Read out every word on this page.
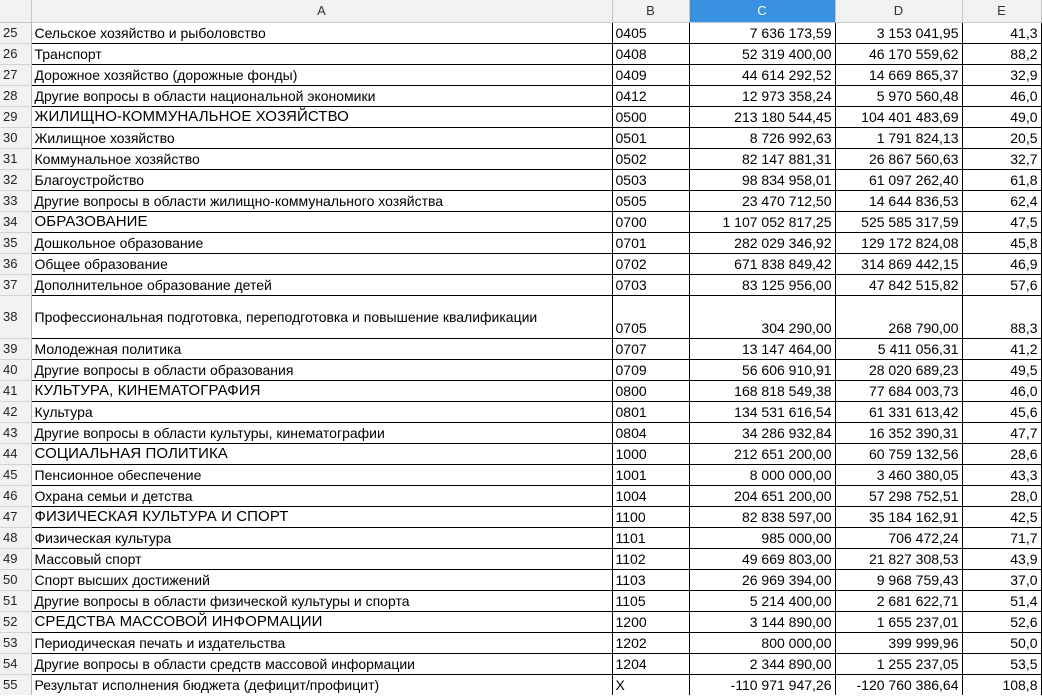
	A	B	C	D	E
25	Сельское хозяйство и рыболовство	0405	7 636 173,59	3 153 041,95	41,3
26	Транспорт	0408	52 319 400,00	46 170 559,62	88,2
27	Дорожное хозяйство (дорожные фонды)	0409	44 614 292,52	14 669 865,37	32,9
28	Другие вопросы в области национальной экономики	0412	12 973 358,24	5 970 560,48	46,0
29	ЖИЛИЩНО-КОММУНАЛЬНОЕ ХОЗЯЙСТВО	0500	213 180 544,45	104 401 483,69	49,0
30	Жилищное хозяйство	0501	8 726 992,63	1 791 824,13	20,5
31	Коммунальное хозяйство	0502	82 147 881,31	26 867 560,63	32,7
32	Благоустройство	0503	98 834 958,01	61 097 262,40	61,8
33	Другие вопросы в области жилищно-коммунального хозяйства	0505	23 470 712,50	14 644 836,53	62,4
34	ОБРАЗОВАНИЕ	0700	1 107 052 817,25	525 585 317,59	47,5
35	Дошкольное образование	0701	282 029 346,92	129 172 824,08	45,8
36	Общее образование	0702	671 838 849,42	314 869 442,15	46,9
37	Дополнительное образование детей	0703	83 125 956,00	47 842 515,82	57,6
38	Профессиональная подготовка, переподготовка и повышение квалификации	0705	304 290,00	268 790,00	88,3
39	Молодежная политика	0707	13 147 464,00	5 411 056,31	41,2
40	Другие вопросы в области образования	0709	56 606 910,91	28 020 689,23	49,5
41	КУЛЬТУРА, КИНЕМАТОГРАФИЯ	0800	168 818 549,38	77 684 003,73	46,0
42	Культура	0801	134 531 616,54	61 331 613,42	45,6
43	Другие вопросы в области культуры, кинематографии	0804	34 286 932,84	16 352 390,31	47,7
44	СОЦИАЛЬНАЯ ПОЛИТИКА	1000	212 651 200,00	60 759 132,56	28,6
45	Пенсионное обеспечение	1001	8 000 000,00	3 460 380,05	43,3
46	Охрана семьи и детства	1004	204 651 200,00	57 298 752,51	28,0
47	ФИЗИЧЕСКАЯ КУЛЬТУРА И СПОРТ	1100	82 838 597,00	35 184 162,91	42,5
48	Физическая культура	1101	985 000,00	706 472,24	71,7
49	Массовый спорт	1102	49 669 803,00	21 827 308,53	43,9
50	Спорт высших достижений	1103	26 969 394,00	9 968 759,43	37,0
51	Другие вопросы в области физической культуры и спорта	1105	5 214 400,00	2 681 622,71	51,4
52	СРЕДСТВА МАССОВОЙ ИНФОРМАЦИИ	1200	3 144 890,00	1 655 237,01	52,6
53	Периодическая печать и издательства	1202	800 000,00	399 999,96	50,0
54	Другие вопросы в области средств массовой информации	1204	2 344 890,00	1 255 237,05	53,5
55	Результат исполнения бюджета (дефицит/профицит)	X	-110 971 947,26	-120 760 386,64	108,8
